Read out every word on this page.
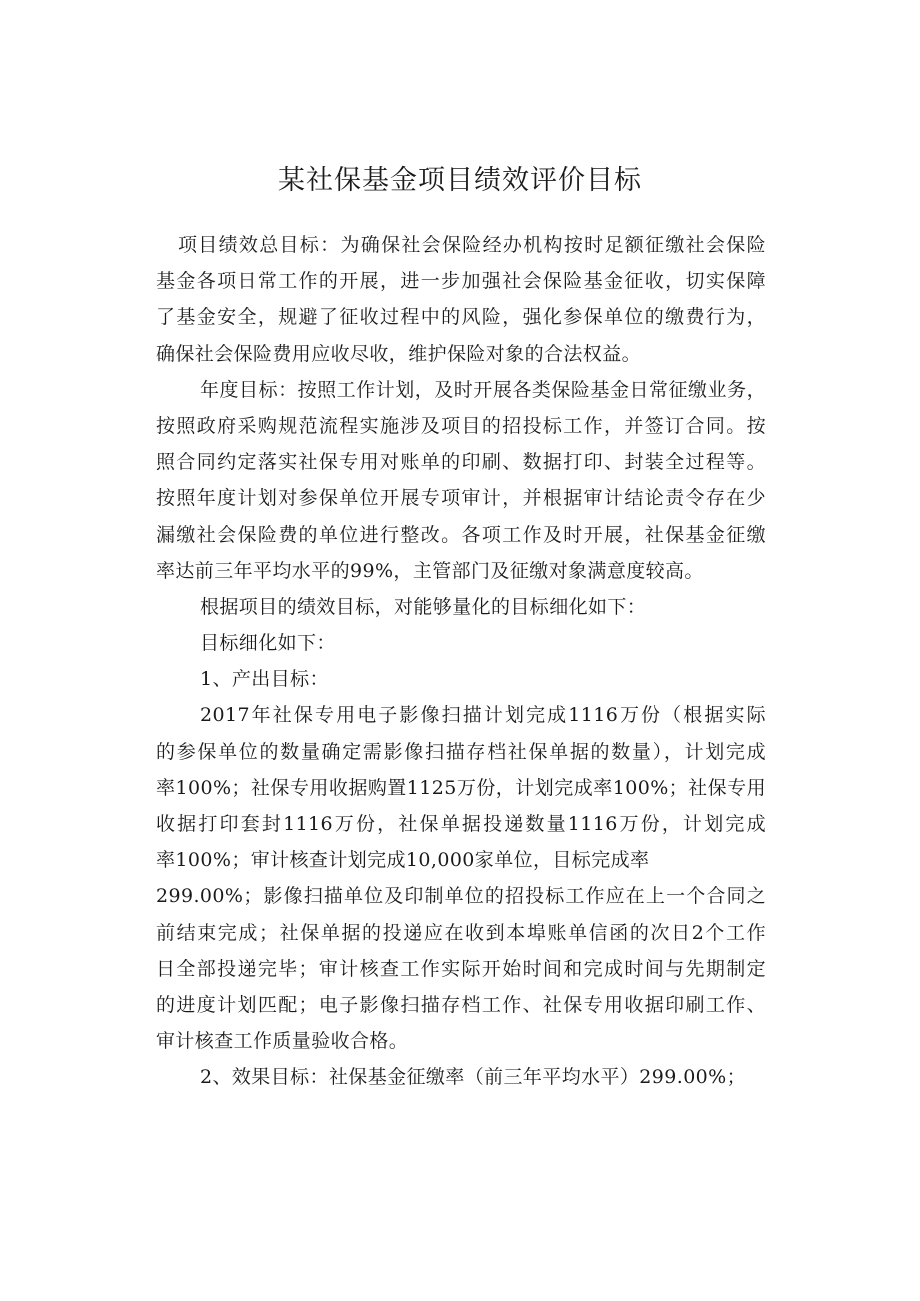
某社保基金项目绩效评价目标
项目绩效总目标：为确保社会保险经办机构按时足额征缴社会保险
基金各项日常工作的开展，进一步加强社会保险基金征收，切实保障
了基金安全，规避了征收过程中的风险，强化参保单位的缴费行为，
确保社会保险费用应收尽收，维护保险对象的合法权益。
年度目标：按照工作计划，及时开展各类保险基金日常征缴业务，
按照政府采购规范流程实施涉及项目的招投标工作，并签订合同。按
照合同约定落实社保专用对账单的印刷、数据打印、封装全过程等。
按照年度计划对参保单位开展专项审计，并根据审计结论责令存在少
漏缴社会保险费的单位进行整改。各项工作及时开展，社保基金征缴
率达前三年平均水平的99%，主管部门及征缴对象满意度较高。
根据项目的绩效目标，对能够量化的目标细化如下：
目标细化如下：
1、产出目标：
2017年社保专用电子影像扫描计划完成1116万份（根据实际
的参保单位的数量确定需影像扫描存档社保单据的数量），计划完成
率100%；社保专用收据购置1125万份，计划完成率100%；社保专用
收据打印套封1116万份，社保单据投递数量1116万份，计划完成
率100%；审计核查计划完成10,000家单位，目标完成率
299.00%；影像扫描单位及印制单位的招投标工作应在上一个合同之
前结束完成；社保单据的投递应在收到本埠账单信函的次日2个工作
日全部投递完毕；审计核查工作实际开始时间和完成时间与先期制定
的进度计划匹配；电子影像扫描存档工作、社保专用收据印刷工作、
审计核查工作质量验收合格。
2、效果目标：社保基金征缴率（前三年平均水平）299.00%；
